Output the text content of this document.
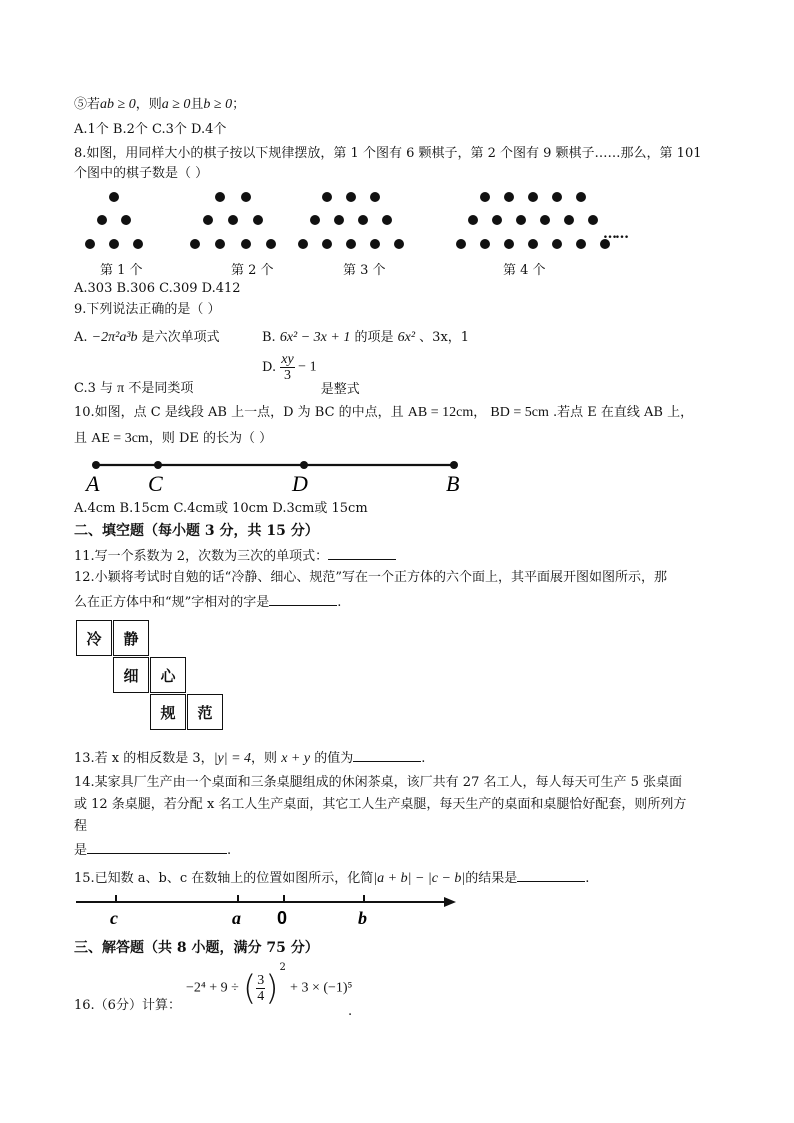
⑤若ab ≥ 0，则a ≥ 0且b ≥ 0；
A.1个 B.2个 C.3个 D.4个
8.如图，用同样大小的棋子按以下规律摆放，第 1 个图有 6 颗棋子，第 2 个图有 9 颗棋子……那么，第 101
个图中的棋子数是（ ）
……
第 1 个	第 2 个	第 3 个	第 4 个
A.303 B.306 C.309 D.412
9.下列说法正确的是（ ）
A. −2π²a³b 是六次单项式	B. 6x² − 3x + 1 的项是 6x² 、3x，1
C.3 与 π 不是同类项
D. $\frac{xy}{3} - 1$ 是整式
10.如图，点 C 是线段 AB 上一点，D 为 BC 的中点，且 AB = 12cm， BD = 5cm .若点 E 在直线 AB 上，
且 AE = 3cm，则 DE 的长为（ ）
A C	D	B
A.4cm B.15cm C.4cm或 10cm D.3cm或 15cm
二、填空题（每小题 3 分，共 15 分）
11.写一个系数为 2，次数为三次的单项式：
12.小颖将考试时自勉的话“冷静、细心、规范”写在一个正方体的六个面上，其平面展开图如图所示，那
么在正方体中和“规”字相对的字是	.
冷	静
细	心
规	范
13.若 x 的相反数是 3，|y| = 4，则 x + y 的值为	.
14.某家具厂生产由一个桌面和三条桌腿组成的休闲茶桌，该厂共有 27 名工人，每人每天可生产 5 张桌面
或 12 条桌腿，若分配 x 名工人生产桌面，其它工人生产桌腿，每天生产的桌面和桌腿恰好配套，则所列方
程
是	.
15.已知数 a、b、c 在数轴上的位置如图所示，化简|a + b| − |c − b|的结果是	.
c	a 0	b
三、解答题（共 8 小题，满分 75 分）
16.（6分）计算：
−2⁴ + 9 ÷ ( $\frac{3}{4} )^2 + 3 \times (-1)^5$
.
